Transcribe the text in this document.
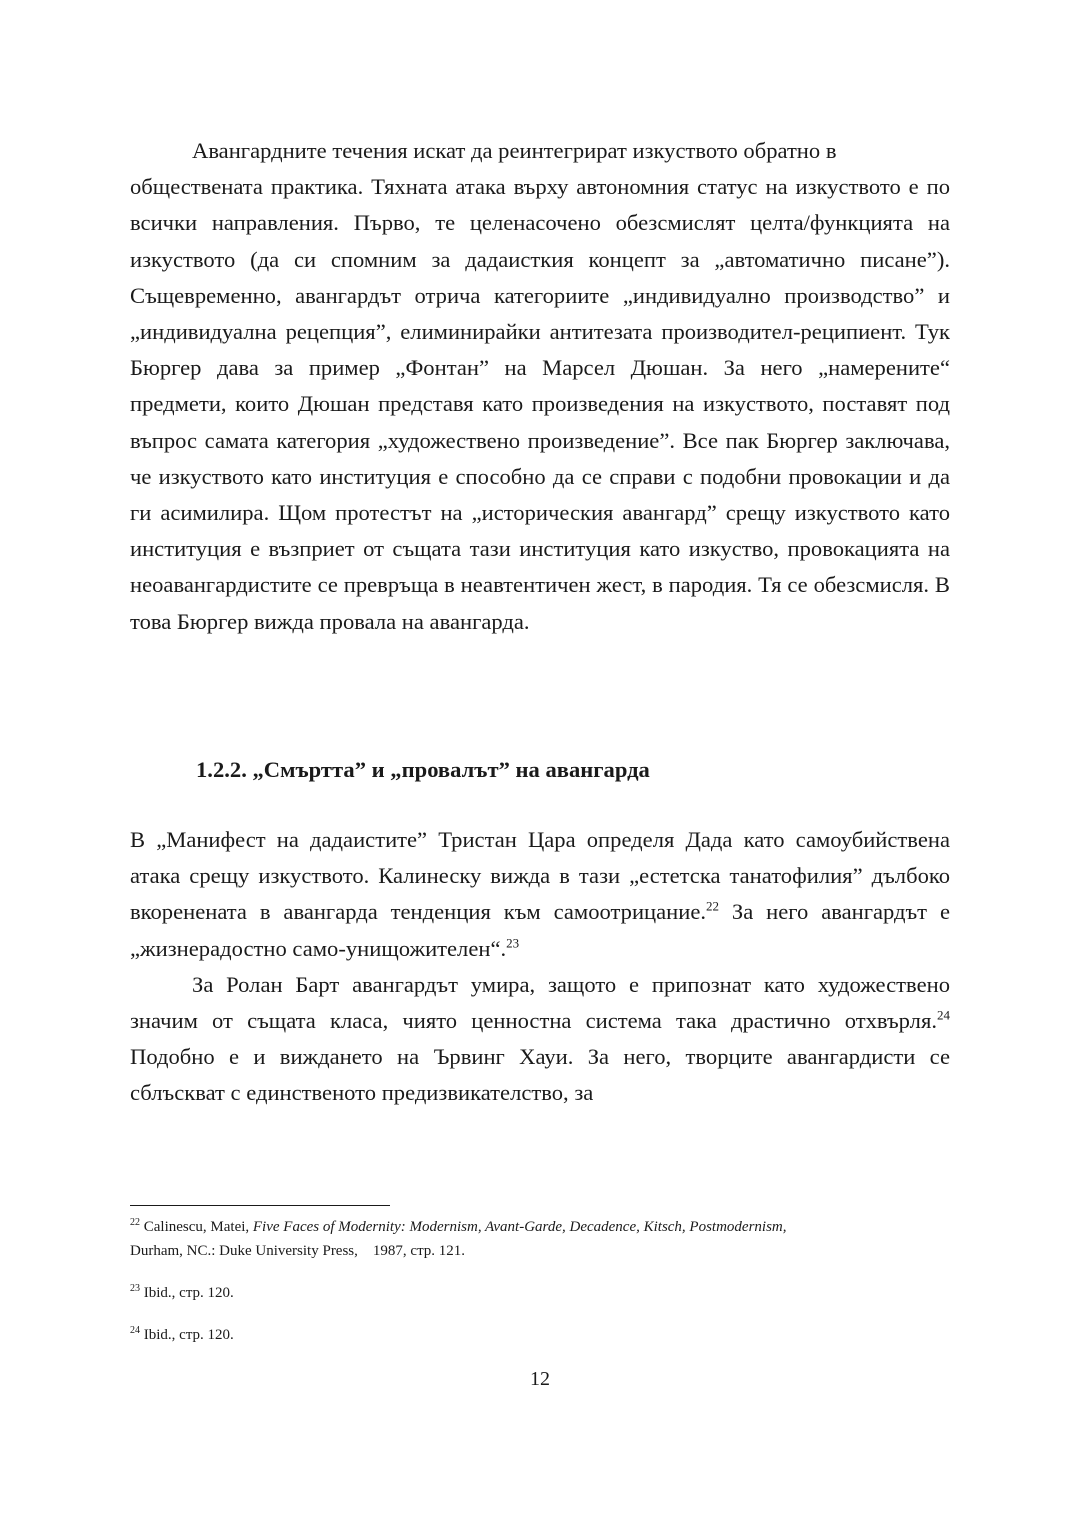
Авангардните течения искат да реинтегрират изкуството обратно в

обществената практика. Тяхната атака върху автономния статус на изкуството е по всички направления. Първо, те целенасочено обезсмислят целта/функцията на изкуството (да си спомним за дадаисткия концепт за „автоматично писане”). Същевременно, авангардът отрича категориите „индивидуално производство” и „индивидуална рецепция”, елиминирайки антитезата производител-реципиент. Тук Бюргер дава за пример „Фонтан” на Марсел Дюшан. За него „намерените“ предмети, които Дюшан представя като произведения на изкуството, поставят под въпрос самата категория „художествено произведение”. Все пак Бюргер заключава, че изкуството като институция е способно да се справи с подобни провокации и да ги асимилира. Щом протестът на „историческия авангард” срещу изкуството като институция е възприет от същата тази институция като изкуство, провокацията на неоавангардистите се превръща в неавтентичен жест, в пародия. Тя се обезсмисля. В това Бюргер вижда провала на авангарда.

1.2.2. „Смъртта” и „провалът” на авангарда

В „Манифест на дадаистите” Тристан Цара определя Дада като самоубийствена атака срещу изкуството. Калинеску вижда в тази „естетска танатофилия” дълбоко вкоренената в авангарда тенденция към самоотрицание.$^{22}$ За него авангардът е „жизнерадостно само-унищожителен“.$^{23}$

За Ролан Барт авангардът умира, защото е припознат като художествено значим от същата класа, чиято ценностна система така драстично отхвърля.$^{24}$ Подобно е и виждането на Ървинг Хауи. За него, творците авангардисти се сблъскват с единственото предизвикателство, за

$^{22}$ Calinescu, Matei, Five Faces of Modernity: Modernism, Avant-Garde, Decadence, Kitsch, Postmodernism,
Durham, NC.: Duke University Press, 1987, стр. 121.

$^{23}$ Ibid., стр. 120.

$^{24}$ Ibid., стр. 120.

12
